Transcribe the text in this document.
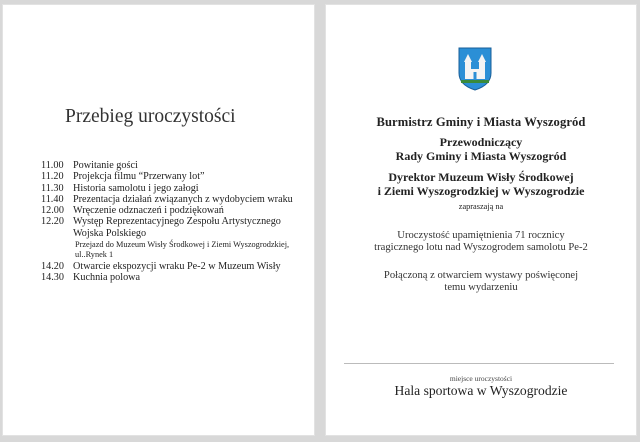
Przebieg uroczystości
11.00 Powitanie gości
11.20 Projekcja filmu “Przerwany lot”
11.30 Historia samolotu i jego załogi
11.40 Prezentacja działań związanych z wydobyciem wraku
12.00 Wręczenie odznaczeń i podziękowań
12.20 Występ Reprezentacyjnego Zespołu Artystycznego Wojska Polskiego
Przejazd do Muzeum Wisły Środkowej i Ziemi Wyszogrodzkiej, ul..Rynek 1
14.20 Otwarcie ekspozycji wraku Pe-2 w Muzeum Wisły
14.30 Kuchnia polowa
Burmistrz Gminy i Miasta Wyszogród
Przewodniczący
Rady Gminy i Miasta Wyszogród
Dyrektor Muzeum Wisły Środkowej
i Ziemi Wyszogrodzkiej w Wyszogrodzie
zapraszają na
Uroczystość upamiętnienia 71 rocznicy
tragicznego lotu nad Wyszogrodem samolotu Pe-2
Połączoną z otwarciem wystawy poświęconej
temu wydarzeniu
miejsce uroczystości
Hala sportowa w Wyszogrodzie
